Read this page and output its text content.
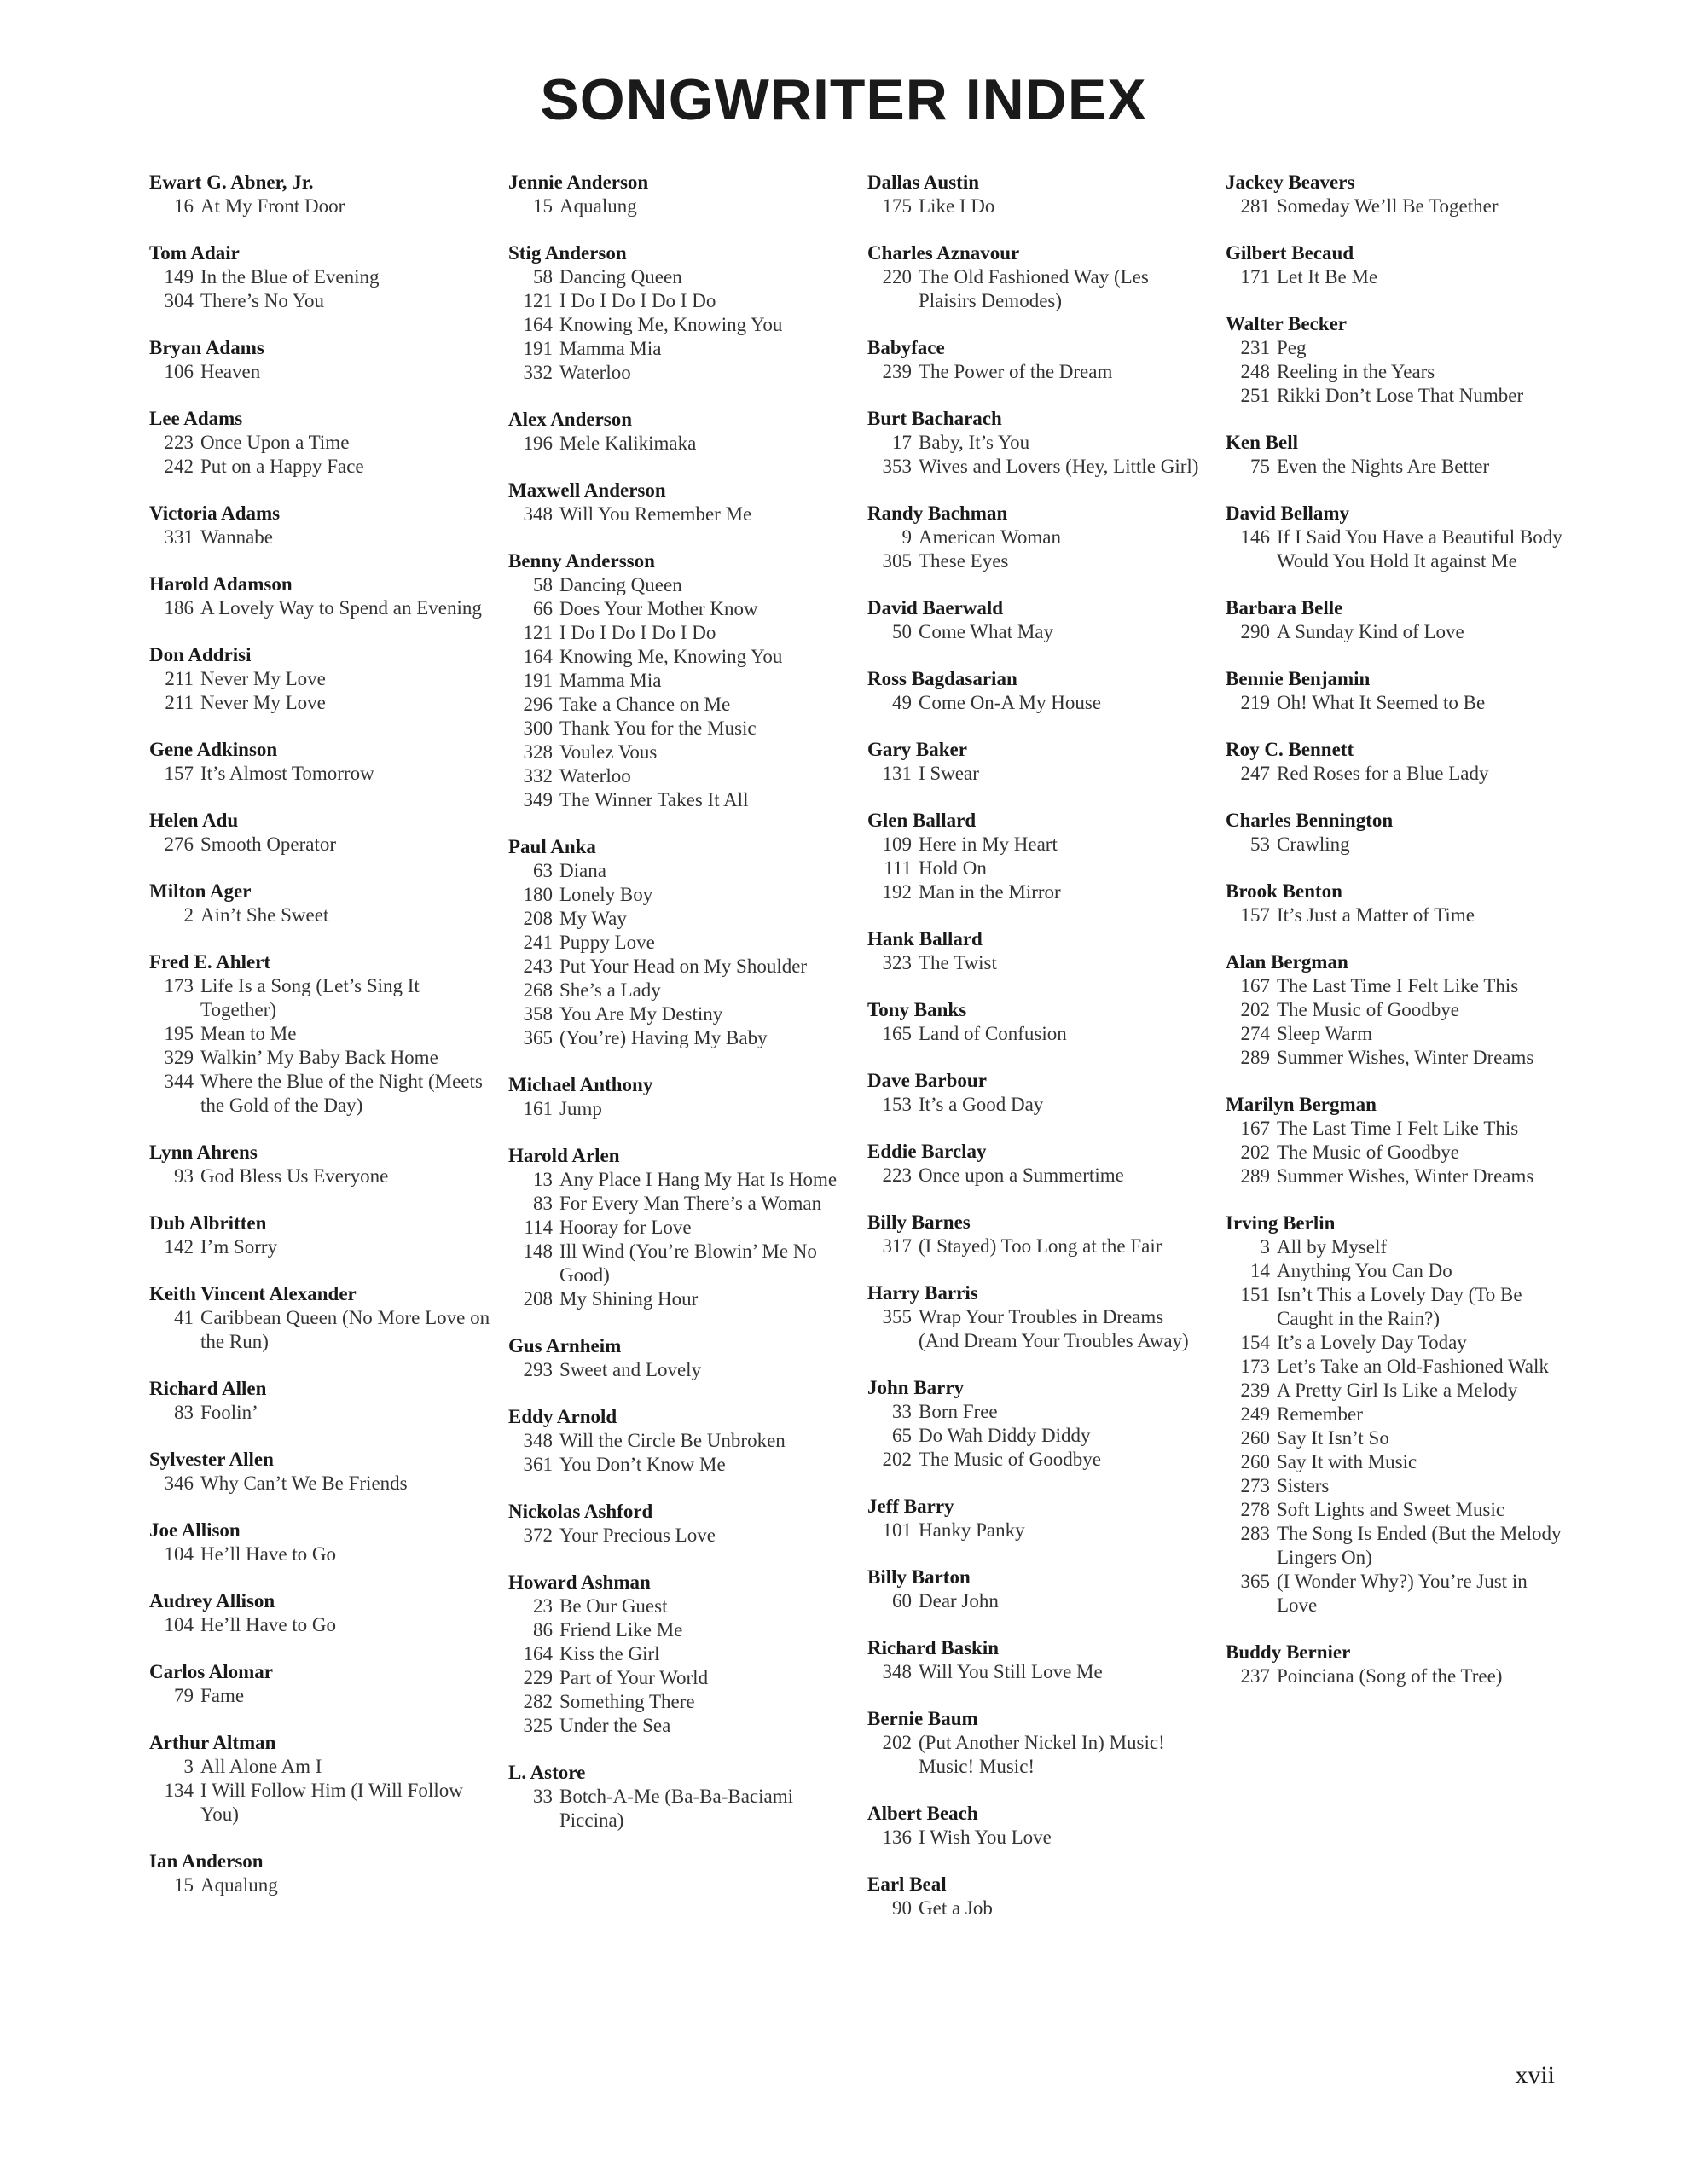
SONGWRITER INDEX
Ewart G. Abner, Jr.
16 At My Front Door
Tom Adair
149 In the Blue of Evening
304 There’s No You
Bryan Adams
106 Heaven
Lee Adams
223 Once Upon a Time
242 Put on a Happy Face
Victoria Adams
331 Wannabe
Harold Adamson
186 A Lovely Way to Spend an Evening
Don Addrisi
211 Never My Love
211 Never My Love
Gene Adkinson
157 It’s Almost Tomorrow
Helen Adu
276 Smooth Operator
Milton Ager
2 Ain’t She Sweet
Fred E. Ahlert
173 Life Is a Song (Let’s Sing It Together)
195 Mean to Me
329 Walkin’ My Baby Back Home
344 Where the Blue of the Night (Meets the Gold of the Day)
Lynn Ahrens
93 God Bless Us Everyone
Dub Albritten
142 I’m Sorry
Keith Vincent Alexander
41 Caribbean Queen (No More Love on the Run)
Richard Allen
83 Foolin’
Sylvester Allen
346 Why Can’t We Be Friends
Joe Allison
104 He’ll Have to Go
Audrey Allison
104 He’ll Have to Go
Carlos Alomar
79 Fame
Arthur Altman
3 All Alone Am I
134 I Will Follow Him (I Will Follow You)
Ian Anderson
15 Aqualung
Jennie Anderson
15 Aqualung
Stig Anderson
58 Dancing Queen
121 I Do I Do I Do I Do
164 Knowing Me, Knowing You
191 Mamma Mia
332 Waterloo
Alex Anderson
196 Mele Kalikimaka
Maxwell Anderson
348 Will You Remember Me
Benny Andersson
58 Dancing Queen
66 Does Your Mother Know
121 I Do I Do I Do I Do
164 Knowing Me, Knowing You
191 Mamma Mia
296 Take a Chance on Me
300 Thank You for the Music
328 Voulez Vous
332 Waterloo
349 The Winner Takes It All
Paul Anka
63 Diana
180 Lonely Boy
208 My Way
241 Puppy Love
243 Put Your Head on My Shoulder
268 She’s a Lady
358 You Are My Destiny
365 (You’re) Having My Baby
Michael Anthony
161 Jump
Harold Arlen
13 Any Place I Hang My Hat Is Home
83 For Every Man There’s a Woman
114 Hooray for Love
148 Ill Wind (You’re Blowin’ Me No Good)
208 My Shining Hour
Gus Arnheim
293 Sweet and Lovely
Eddy Arnold
348 Will the Circle Be Unbroken
361 You Don’t Know Me
Nickolas Ashford
372 Your Precious Love
Howard Ashman
23 Be Our Guest
86 Friend Like Me
164 Kiss the Girl
229 Part of Your World
282 Something There
325 Under the Sea
L. Astore
33 Botch-A-Me (Ba-Ba-Baciami Piccina)
Dallas Austin
175 Like I Do
Charles Aznavour
220 The Old Fashioned Way (Les Plaisirs Demodes)
Babyface
239 The Power of the Dream
Burt Bacharach
17 Baby, It’s You
353 Wives and Lovers (Hey, Little Girl)
Randy Bachman
9 American Woman
305 These Eyes
David Baerwald
50 Come What May
Ross Bagdasarian
49 Come On-A My House
Gary Baker
131 I Swear
Glen Ballard
109 Here in My Heart
111 Hold On
192 Man in the Mirror
Hank Ballard
323 The Twist
Tony Banks
165 Land of Confusion
Dave Barbour
153 It’s a Good Day
Eddie Barclay
223 Once upon a Summertime
Billy Barnes
317 (I Stayed) Too Long at the Fair
Harry Barris
355 Wrap Your Troubles in Dreams (And Dream Your Troubles Away)
John Barry
33 Born Free
65 Do Wah Diddy Diddy
202 The Music of Goodbye
Jeff Barry
101 Hanky Panky
Billy Barton
60 Dear John
Richard Baskin
348 Will You Still Love Me
Bernie Baum
202 (Put Another Nickel In) Music! Music! Music!
Albert Beach
136 I Wish You Love
Earl Beal
90 Get a Job
Jackey Beavers
281 Someday We’ll Be Together
Gilbert Becaud
171 Let It Be Me
Walter Becker
231 Peg
248 Reeling in the Years
251 Rikki Don’t Lose That Number
Ken Bell
75 Even the Nights Are Better
David Bellamy
146 If I Said You Have a Beautiful Body Would You Hold It against Me
Barbara Belle
290 A Sunday Kind of Love
Bennie Benjamin
219 Oh! What It Seemed to Be
Roy C. Bennett
247 Red Roses for a Blue Lady
Charles Bennington
53 Crawling
Brook Benton
157 It’s Just a Matter of Time
Alan Bergman
167 The Last Time I Felt Like This
202 The Music of Goodbye
274 Sleep Warm
289 Summer Wishes, Winter Dreams
Marilyn Bergman
167 The Last Time I Felt Like This
202 The Music of Goodbye
289 Summer Wishes, Winter Dreams
Irving Berlin
3 All by Myself
14 Anything You Can Do
151 Isn’t This a Lovely Day (To Be Caught in the Rain?)
154 It’s a Lovely Day Today
173 Let’s Take an Old-Fashioned Walk
239 A Pretty Girl Is Like a Melody
249 Remember
260 Say It Isn’t So
260 Say It with Music
273 Sisters
278 Soft Lights and Sweet Music
283 The Song Is Ended (But the Melody Lingers On)
365 (I Wonder Why?) You’re Just in Love
Buddy Bernier
237 Poinciana (Song of the Tree)
xvii
